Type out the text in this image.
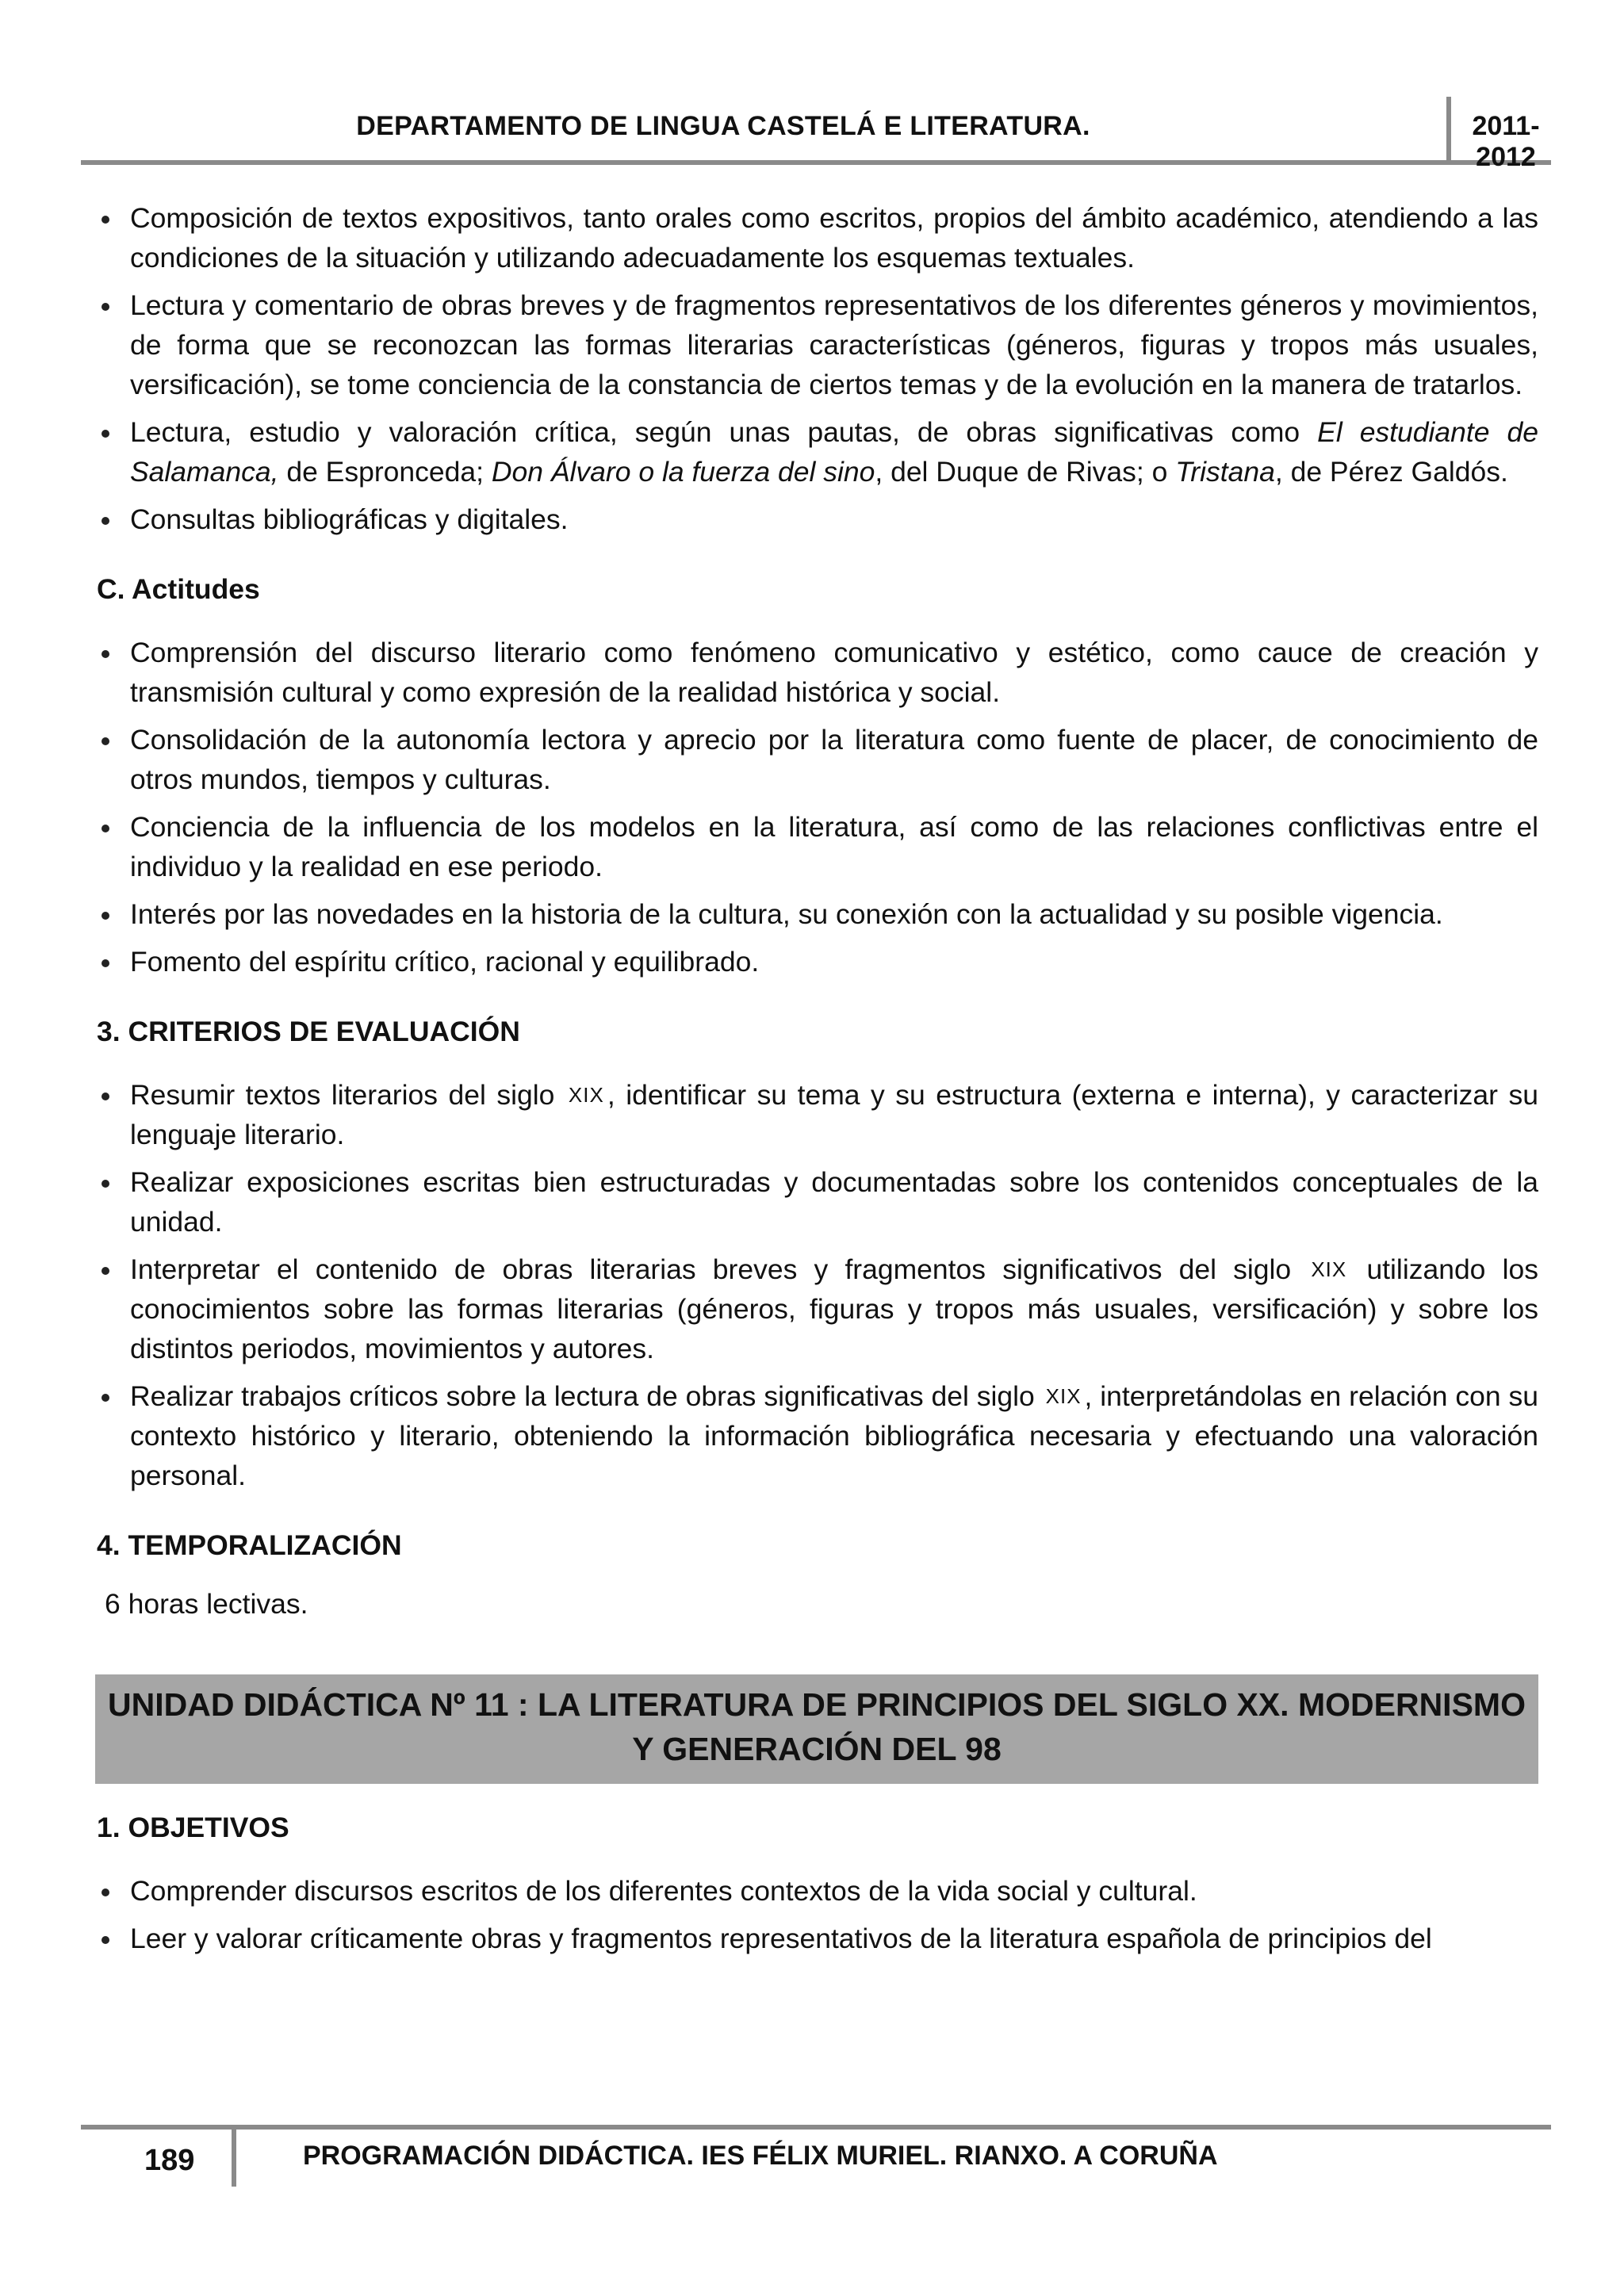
DEPARTAMENTO DE LINGUA CASTELÁ E LITERATURA.	2011-2012
Composición de textos expositivos, tanto orales como escritos, propios del ámbito académico, atendiendo a las condiciones de la situación y utilizando adecuadamente los esquemas textuales.
Lectura y comentario de obras breves y de fragmentos representativos de los diferentes géneros y movimientos, de forma que se reconozcan las formas literarias características (géneros, figuras y tropos más usuales, versificación), se tome conciencia de la constancia de ciertos temas y de la evolución en la manera de tratarlos.
Lectura, estudio y valoración crítica, según unas pautas, de obras significativas como El estudiante de Salamanca, de Espronceda; Don Álvaro o la fuerza del sino, del Duque de Rivas; o Tristana, de Pérez Galdós.
Consultas bibliográficas y digitales.
C. Actitudes
Comprensión del discurso literario como fenómeno comunicativo y estético, como cauce de creación y transmisión cultural y como expresión de la realidad histórica y social.
Consolidación de la autonomía lectora y aprecio por la literatura como fuente de placer, de conocimiento de otros mundos, tiempos y culturas.
Conciencia de la influencia de los modelos en la literatura, así como de las relaciones conflictivas entre el individuo y la realidad en ese periodo.
Interés por las novedades en la historia de la cultura, su conexión con la actualidad y su posible vigencia.
Fomento del espíritu crítico, racional y equilibrado.
3. CRITERIOS DE EVALUACIÓN
Resumir textos literarios del siglo XIX , identificar su tema y su estructura (externa e interna), y caracterizar su lenguaje literario.
Realizar exposiciones escritas bien estructuradas y documentadas sobre los contenidos conceptuales de la unidad.
Interpretar el contenido de obras literarias breves y fragmentos significativos del siglo XIX utilizando los conocimientos sobre las formas literarias (géneros, figuras y tropos más usuales, versificación) y sobre los distintos periodos, movimientos y autores.
Realizar trabajos críticos sobre la lectura de obras significativas del siglo XIX , interpretándolas en relación con su contexto histórico y literario, obteniendo la información bibliográfica necesaria y efectuando una valoración personal.
4. TEMPORALIZACIÓN
6 horas lectivas.
UNIDAD DIDÁCTICA Nº 11 : LA LITERATURA DE PRINCIPIOS DEL SIGLO XX. MODERNISMO
Y GENERACIÓN DEL 98
1. OBJETIVOS
Comprender discursos escritos de los diferentes contextos de la vida social y cultural.
Leer y valorar críticamente obras y fragmentos representativos de la literatura española de principios del
189	PROGRAMACIÓN DIDÁCTICA. IES FÉLIX MURIEL. RIANXO. A CORUÑA
